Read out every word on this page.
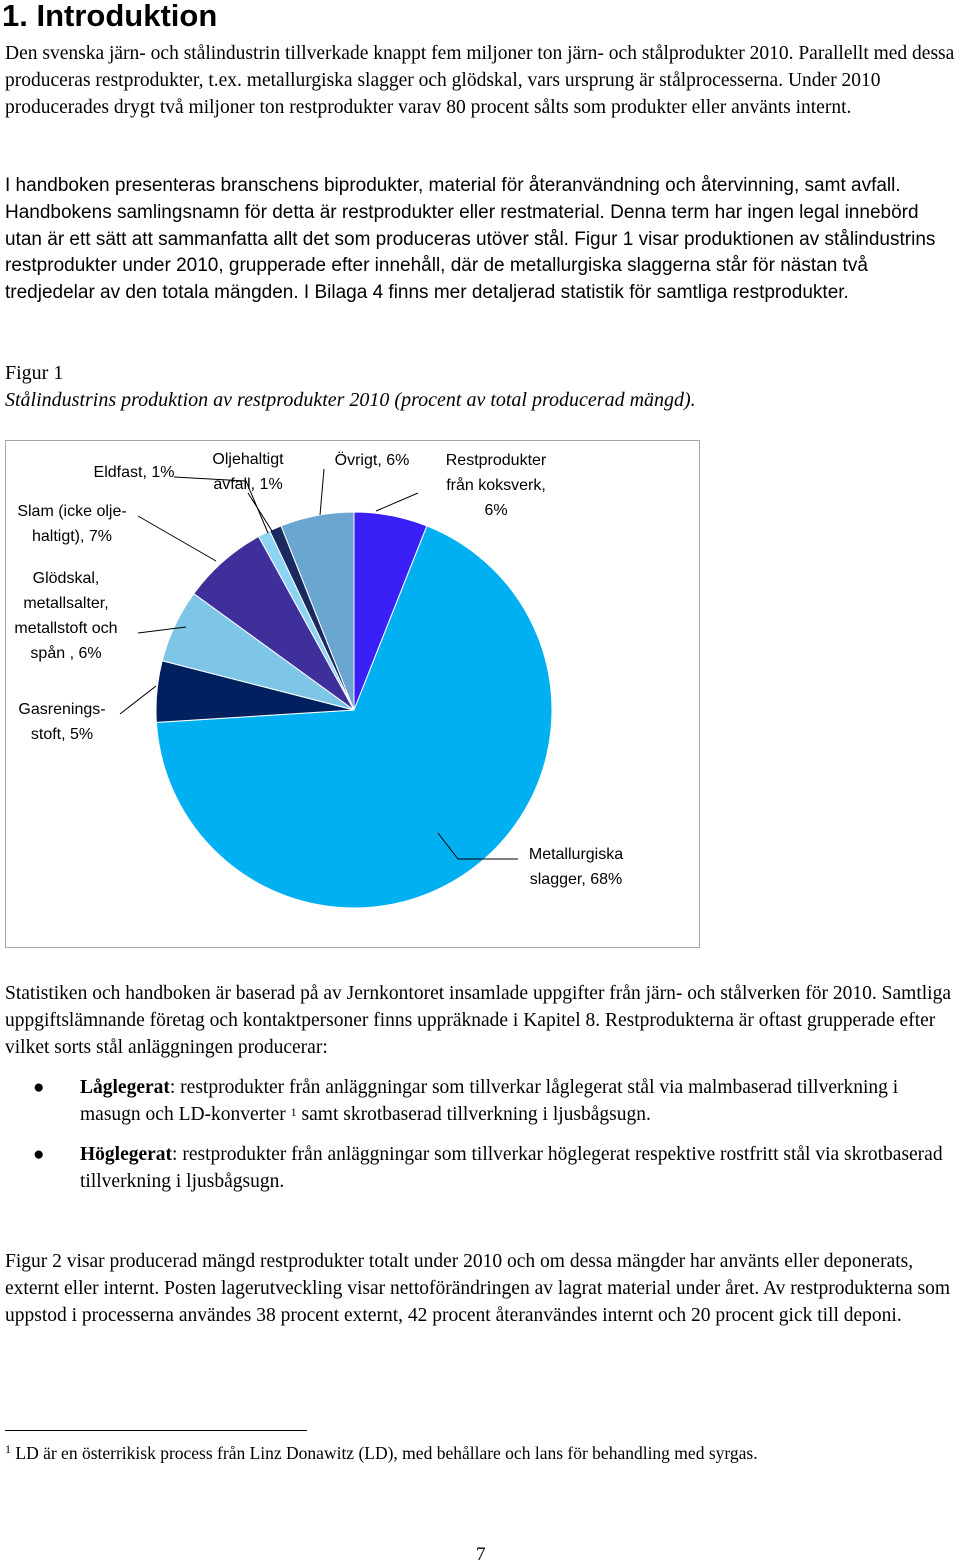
1. Introduktion

Den svenska järn- och stålindustrin tillverkade knappt fem miljoner ton järn- och stålprodukter 2010. Parallellt med dessa produceras restprodukter, t.ex. metallurgiska slagger och glödskal, vars ursprung är stålprocesserna. Under 2010 producerades drygt två miljoner ton restprodukter varav 80 procent sålts som produkter eller använts internt.

I handboken presenteras branschens biprodukter, material för återanvändning och återvinning, samt avfall. Handbokens samlingsnamn för detta är restprodukter eller restmaterial. Denna term har ingen legal innebörd utan är ett sätt att sammanfatta allt det som produceras utöver stål. Figur 1 visar produktionen av stålindustrins restprodukter under 2010, grupperade efter innehåll, där de metallurgiska slaggerna står för nästan två tredjedelar av den totala mängden. I Bilaga 4 finns mer detaljerad statistik för samtliga restprodukter.

Figur 1

Stålindustrins produktion av restprodukter 2010 (procent av total producerad mängd).

Restprodukter från koksverk, 6%
Metallurgiska slagger, 68%
Gasrenings-stoft, 5%
Glödskal, metallsalter, metallstoft och spån , 6%
Slam (icke olje-haltigt), 7%
Eldfast, 1%
Oljehaltigt avfall, 1%
Övrigt, 6%

Statistiken och handboken är baserad på av Jernkontoret insamlade uppgifter från järn- och stålverken för 2010. Samtliga uppgiftslämnande företag och kontaktpersoner finns uppräknade i Kapitel 8. Restprodukterna är oftast grupperade efter vilket sorts stål anläggningen producerar:

● Låglegerat: restprodukter från anläggningar som tillverkar låglegerat stål via malmbaserad tillverkning i masugn och LD-konverter $^1$ samt skrotbaserad tillverkning i ljusbågsugn.
● Höglegerat: restprodukter från anläggningar som tillverkar höglegerat respektive rostfritt stål via skrotbaserad tillverkning i ljusbågsugn.

Figur 2 visar producerad mängd restprodukter totalt under 2010 och om dessa mängder har använts eller deponerats, externt eller internt. Posten lagerutveckling visar nettoförändringen av lagrat material under året. Av restprodukterna som uppstod i processerna användes 38 procent externt, 42 procent återanvändes internt och 20 procent gick till deponi.

$^1$ LD är en österrikisk process från Linz Donawitz (LD), med behållare och lans för behandling med syrgas.

7
